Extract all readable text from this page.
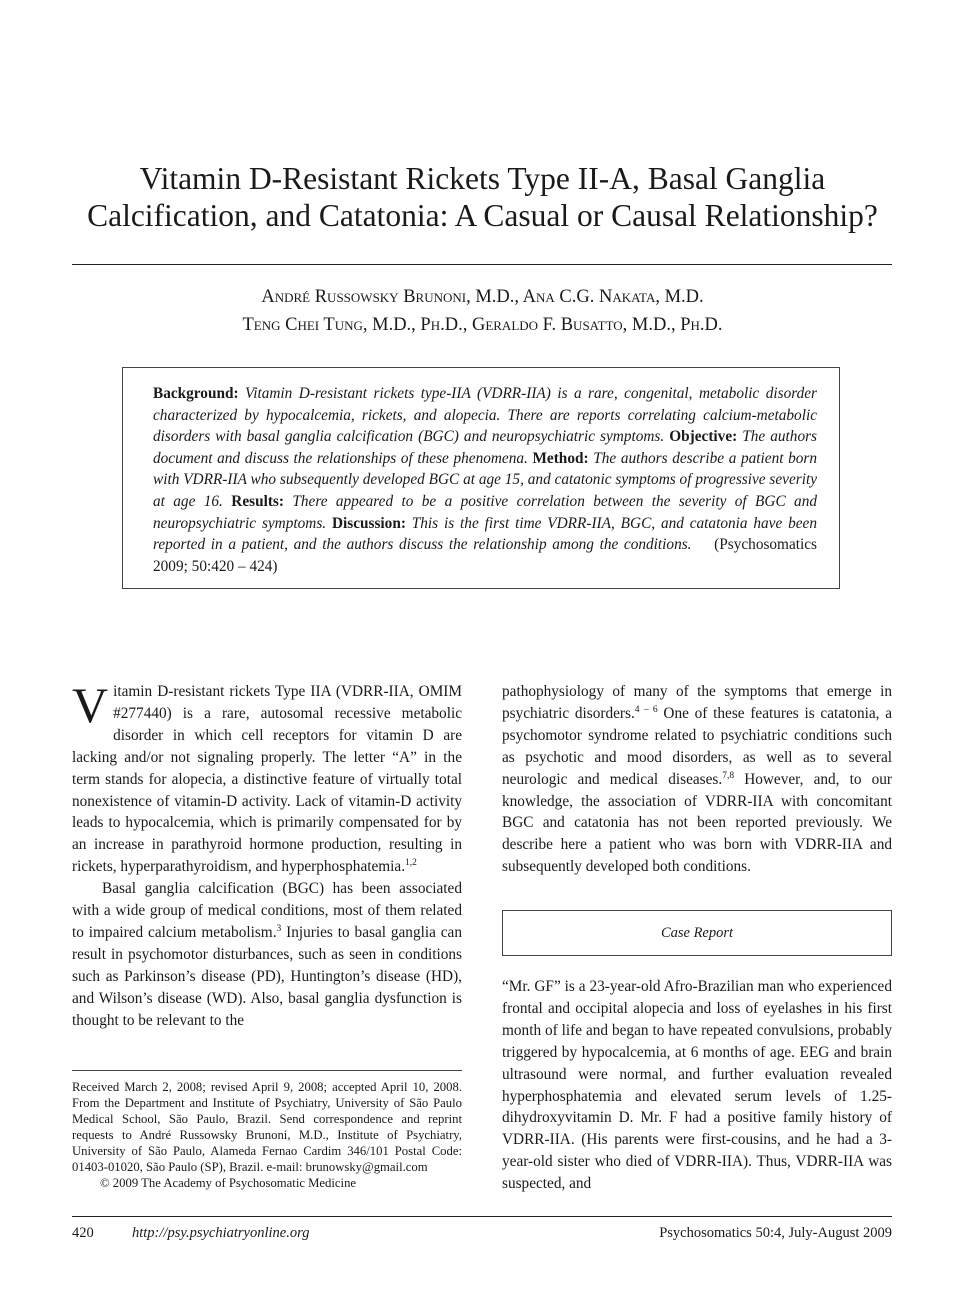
Vitamin D-Resistant Rickets Type II-A, Basal Ganglia
Calcification, and Catatonia: A Casual or Causal Relationship?
André Russowsky Brunoni, M.D., Ana C.G. Nakata, M.D.
Teng Chei Tung, M.D., Ph.D., Geraldo F. Busatto, M.D., Ph.D.
Background: Vitamin D-resistant rickets type-IIA (VDRR-IIA) is a rare, congenital, metabolic disorder characterized by hypocalcemia, rickets, and alopecia. There are reports correlating calcium-metabolic disorders with basal ganglia calcification (BGC) and neuropsychiatric symptoms. Objective: The authors document and discuss the relationships of these phenomena. Method: The authors describe a patient born with VDRR-IIA who subsequently developed BGC at age 15, and catatonic symptoms of progressive severity at age 16. Results: There appeared to be a positive correlation between the severity of BGC and neuropsychiatric symptoms. Discussion: This is the first time VDRR-IIA, BGC, and catatonia have been reported in a patient, and the authors discuss the relationship among the conditions. (Psychosomatics 2009; 50:420 – 424)

Vitamin D-resistant rickets Type IIA (VDRR-IIA, OMIM #277440) is a rare, autosomal recessive metabolic disorder in which cell receptors for vitamin D are lacking and/or not signaling properly. The letter “A” in the term stands for alopecia, a distinctive feature of virtually total nonexistence of vitamin-D activity. Lack of vitamin-D activity leads to hypocalcemia, which is primarily compensated for by an increase in parathyroid hormone production, resulting in rickets, hyperparathyroidism, and hyperphosphatemia.$^{1,2}$

Basal ganglia calcification (BGC) has been associated with a wide group of medical conditions, most of them related to impaired calcium metabolism.$^3$ Injuries to basal ganglia can result in psychomotor disturbances, such as seen in conditions such as Parkinson’s disease (PD), Huntington’s disease (HD), and Wilson’s disease (WD). Also, basal ganglia dysfunction is thought to be relevant to the

pathophysiology of many of the symptoms that emerge in psychiatric disorders.$^{4 - 6}$ One of these features is catatonia, a psychomotor syndrome related to psychiatric conditions such as psychotic and mood disorders, as well as to several neurologic and medical diseases.$^{7,8}$ However, and, to our knowledge, the association of VDRR-IIA with concomitant BGC and catatonia has not been reported previously. We describe here a patient who was born with VDRR-IIA and subsequently developed both conditions.

Case Report

“Mr. GF” is a 23-year-old Afro-Brazilian man who experienced frontal and occipital alopecia and loss of eyelashes in his first month of life and began to have repeated convulsions, probably triggered by hypocalcemia, at 6 months of age. EEG and brain ultrasound were normal, and further evaluation revealed hyperphosphatemia and elevated serum levels of 1.25-dihydroxyvitamin D. Mr. F had a positive family history of VDRR-IIA. (His parents were first-cousins, and he had a 3-year-old sister who died of VDRR-IIA). Thus, VDRR-IIA was suspected, and

Received March 2, 2008; revised April 9, 2008; accepted April 10, 2008. From the Department and Institute of Psychiatry, University of São Paulo Medical School, São Paulo, Brazil. Send correspondence and reprint requests to André Russowsky Brunoni, M.D., Institute of Psychiatry, University of São Paulo, Alameda Fernao Cardim 346/101 Postal Code: 01403-01020, São Paulo (SP), Brazil. e-mail: brunowsky@gmail.com
© 2009 The Academy of Psychosomatic Medicine
420	http://psy.psychiatryonline.org	Psychosomatics 50:4, July-August 2009
